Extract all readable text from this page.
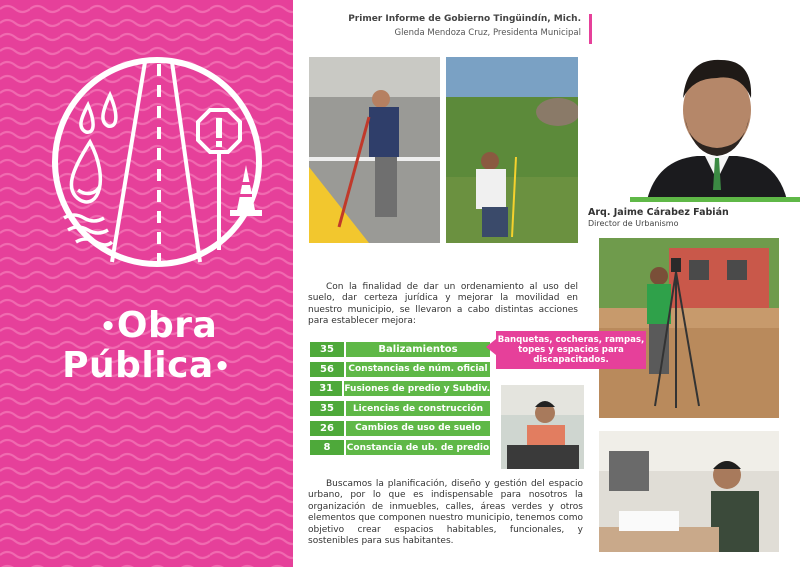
•Obra
Pública•
Primer Informe de Gobierno Tingüindín, Mich.
Glenda Mendoza Cruz, Presidenta Municipal
Arq. Jaime Cárabez Fabián
Director de Urbanismo
Con la finalidad de dar un ordenamiento al uso del suelo, dar certeza jurídica y mejorar la movilidad en nuestro municipio, se llevaron a cabo distintas acciones para establecer mejora:
35	Balizamientos
56	Constancias de núm. oficial
31	Fusiones de predio y Subdiv.
35	Licencias de construcción
26	Cambios de uso de suelo
8	Constancia de ub. de predio
Banquetas, cocheras, rampas, topes y espacios para discapacitados.
Buscamos la planificación, diseño y gestión del espacio urbano, por lo que es indispensable para nosotros la organización de inmuebles, calles, áreas verdes y otros elementos que componen nuestro municipio, tenemos como objetivo crear espacios habitables, funcionales, y sostenibles para sus habitantes.
